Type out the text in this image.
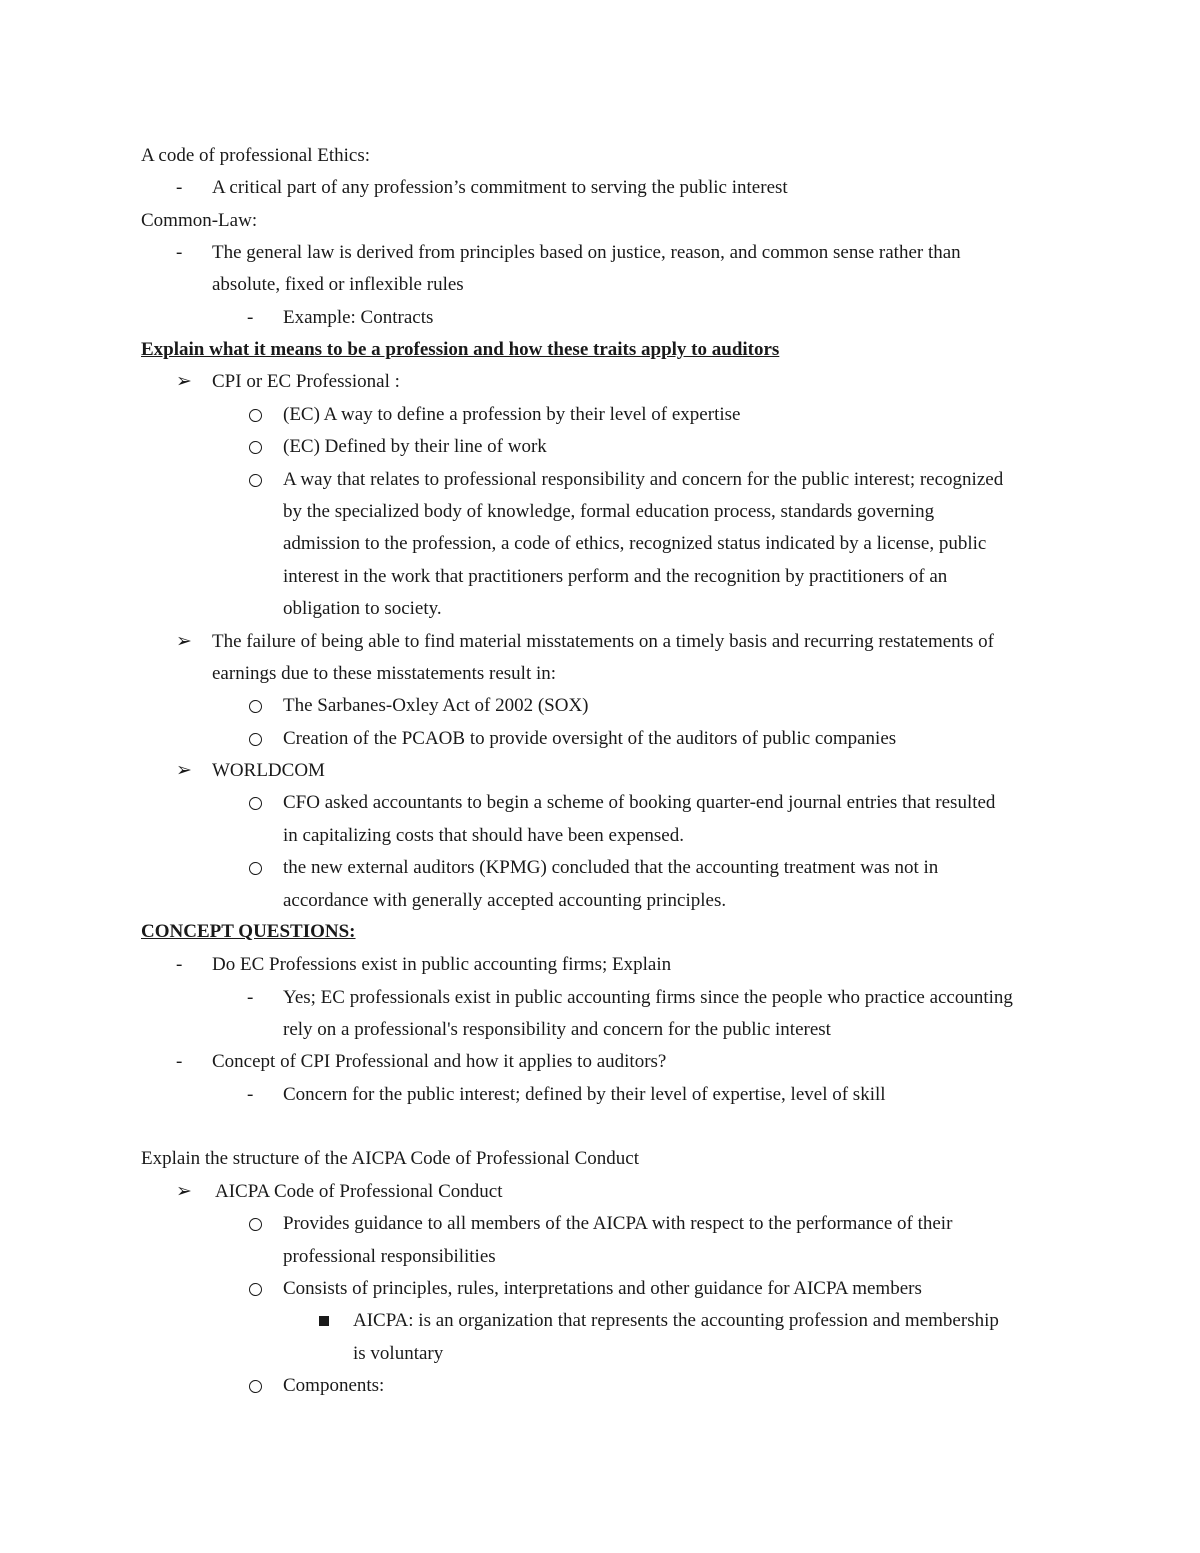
A code of professional Ethics:
- A critical part of any profession’s commitment to serving the public interest
Common-Law:
- The general law is derived from principles based on justice, reason, and common sense rather than
absolute, fixed or inflexible rules
- Example: Contracts
Explain what it means to be a profession and how these traits apply to auditors
➢ CPI or EC Professional :
(EC) A way to define a profession by their level of expertise
(EC) Defined by their line of work
A way that relates to professional responsibility and concern for the public interest; recognized
by the specialized body of knowledge, formal education process, standards governing
admission to the profession, a code of ethics, recognized status indicated by a license, public
interest in the work that practitioners perform and the recognition by practitioners of an
obligation to society.
➢ The failure of being able to find material misstatements on a timely basis and recurring restatements of
earnings due to these misstatements result in:
The Sarbanes-Oxley Act of 2002 (SOX)
Creation of the PCAOB to provide oversight of the auditors of public companies
➢ WORLDCOM
CFO asked accountants to begin a scheme of booking quarter-end journal entries that resulted
in capitalizing costs that should have been expensed.
the new external auditors (KPMG) concluded that the accounting treatment was not in
accordance with generally accepted accounting principles.
CONCEPT QUESTIONS:
- Do EC Professions exist in public accounting firms; Explain
- Yes; EC professionals exist in public accounting firms since the people who practice accounting
rely on a professional's responsibility and concern for the public interest
- Concept of CPI Professional and how it applies to auditors?
- Concern for the public interest; defined by their level of expertise, level of skill
Explain the structure of the AICPA Code of Professional Conduct
➢ AICPA Code of Professional Conduct
Provides guidance to all members of the AICPA with respect to the performance of their
professional responsibilities
Consists of principles, rules, interpretations and other guidance for AICPA members
AICPA: is an organization that represents the accounting profession and membership
is voluntary
Components:
